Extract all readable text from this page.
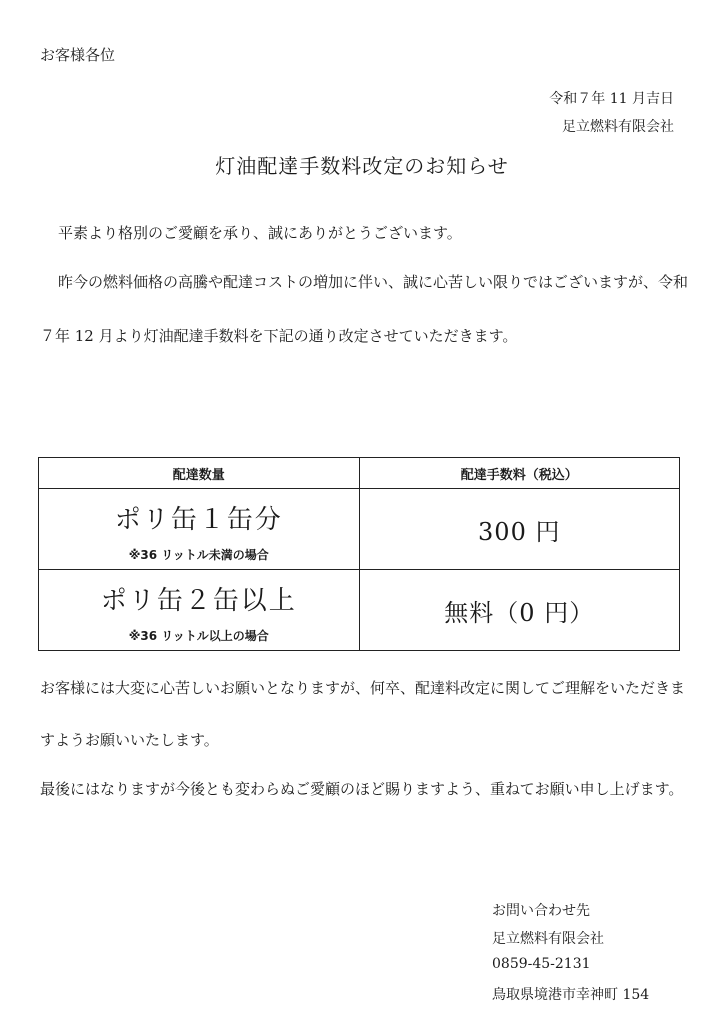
お客様各位
令和７年 11 月吉日
足立燃料有限会社
灯油配達手数料改定のお知らせ
平素より格別のご愛顧を承り、誠にありがとうございます。
昨今の燃料価格の高騰や配達コストの増加に伴い、誠に心苦しい限りではございますが、令和７年 12 月より灯油配達手数料を下記の通り改定させていただきます。
配達数量	配達手数料（税込）

ポリ缶１缶分
※36 リットル未満の場合	300 円

ポリ缶２缶以上
※36 リットル以上の場合	無料（0 円）
お客様には大変に心苦しいお願いとなりますが、何卒、配達料改定に関してご理解をいただきますようお願いいたします。
最後にはなりますが今後とも変わらぬご愛顧のほど賜りますよう、重ねてお願い申し上げます。
お問い合わせ先
足立燃料有限会社
0859-45-2131
鳥取県境港市幸神町 154
